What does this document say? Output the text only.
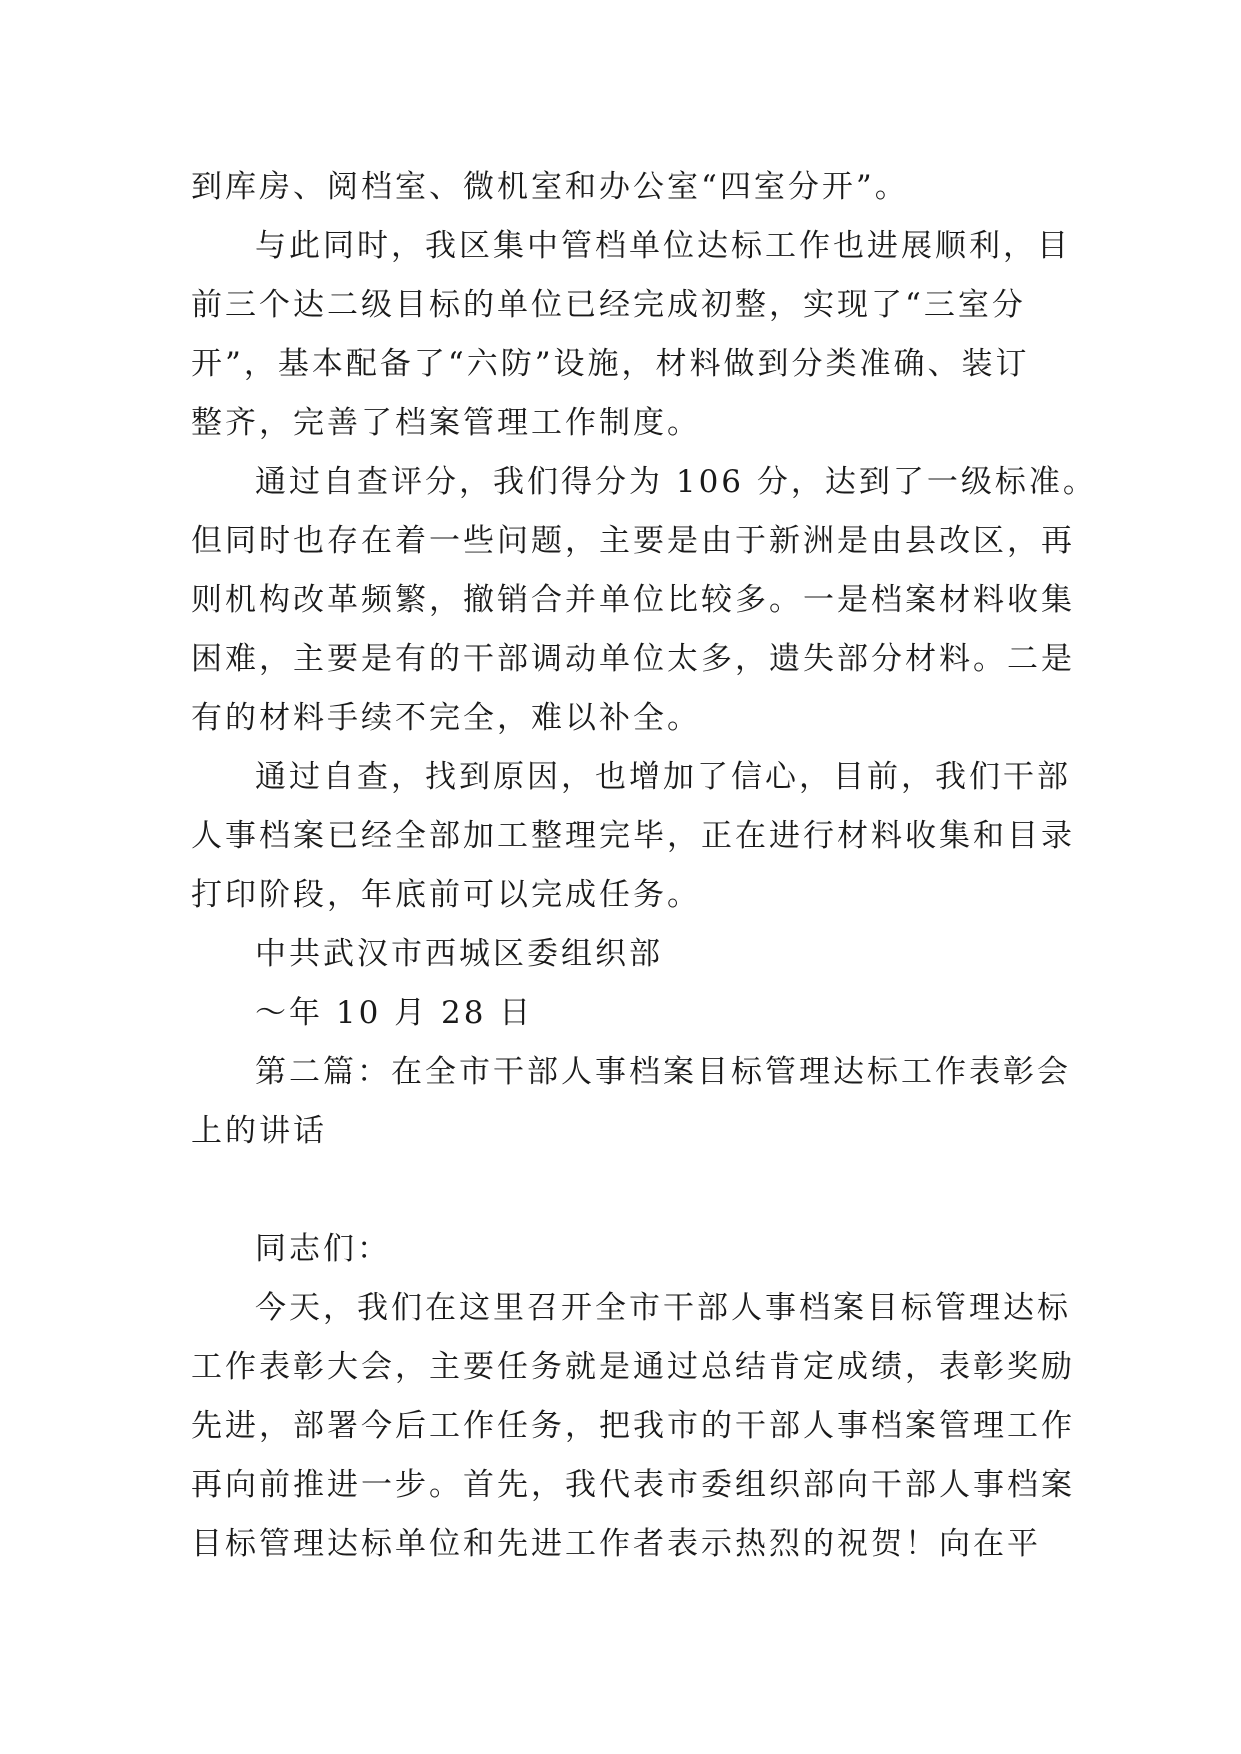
到库房、阅档室、微机室和办公室“四室分开”。
与此同时，我区集中管档单位达标工作也进展顺利，目
前三个达二级目标的单位已经完成初整，实现了“三室分
开”，基本配备了“六防”设施，材料做到分类准确、装订
整齐，完善了档案管理工作制度。
通过自查评分，我们得分为 106 分，达到了一级标准。
但同时也存在着一些问题，主要是由于新洲是由县改区，再
则机构改革频繁，撤销合并单位比较多。一是档案材料收集
困难，主要是有的干部调动单位太多，遗失部分材料。二是
有的材料手续不完全，难以补全。
通过自查，找到原因，也增加了信心，目前，我们干部
人事档案已经全部加工整理完毕，正在进行材料收集和目录
打印阶段，年底前可以完成任务。
中共武汉市西城区委组织部
～年 10 月 28 日
第二篇：在全市干部人事档案目标管理达标工作表彰会
上的讲话
同志们：
今天，我们在这里召开全市干部人事档案目标管理达标
工作表彰大会，主要任务就是通过总结肯定成绩，表彰奖励
先进，部署今后工作任务，把我市的干部人事档案管理工作
再向前推进一步。首先，我代表市委组织部向干部人事档案
目标管理达标单位和先进工作者表示热烈的祝贺！向在平
